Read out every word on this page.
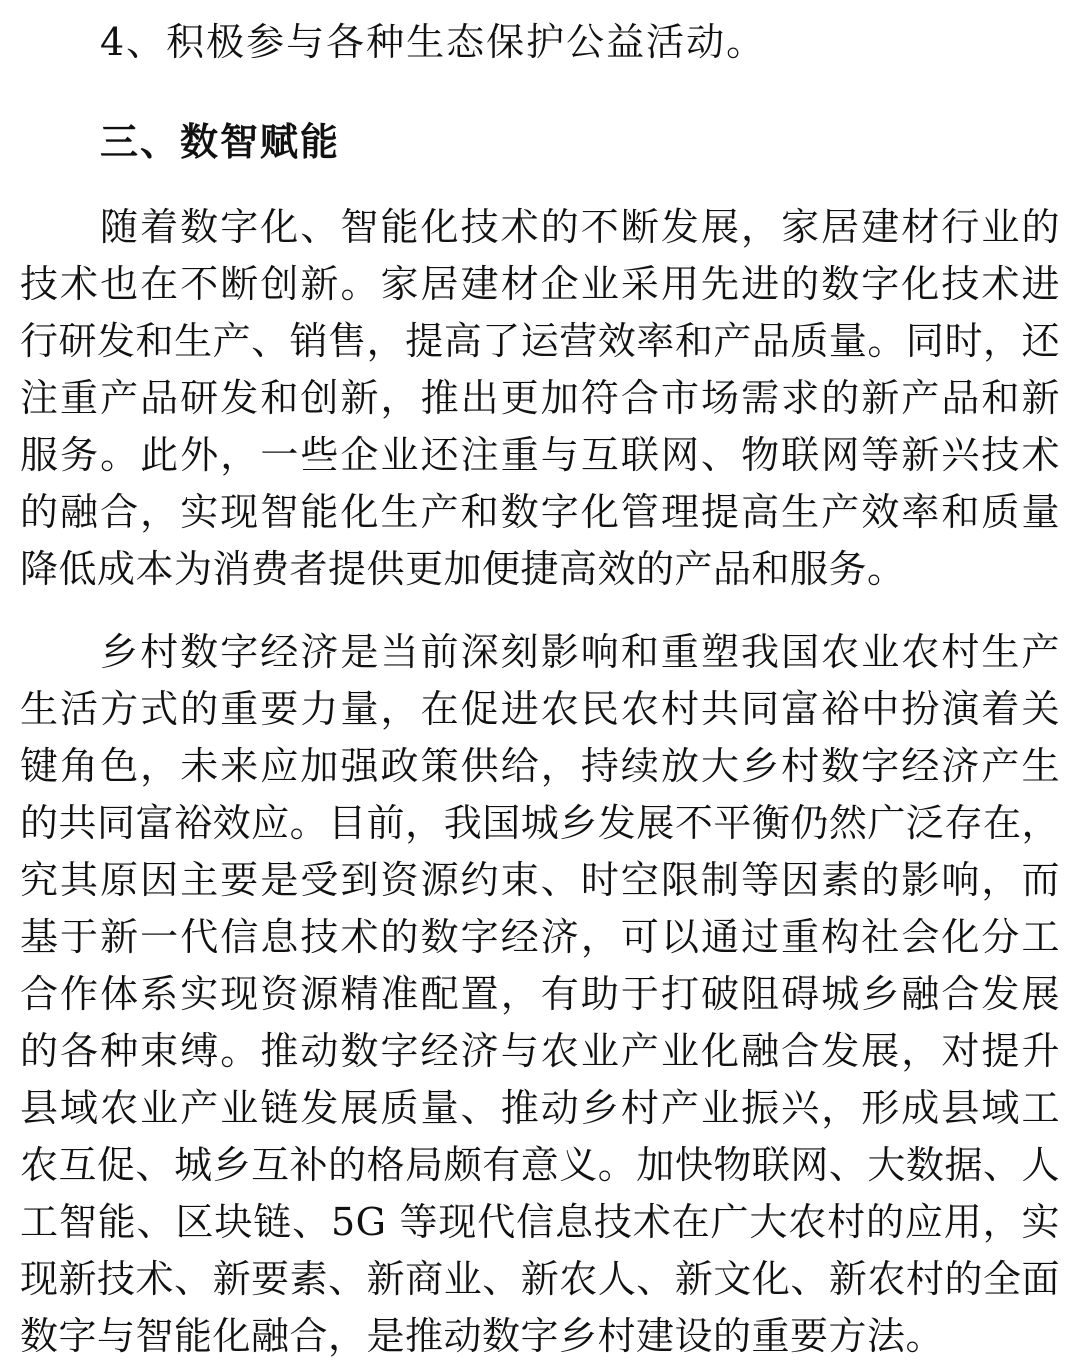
4、积极参与各种生态保护公益活动。
三、数智赋能
随着数字化、智能化技术的不断发展，家居建材行业的
技术也在不断创新。家居建材企业采用先进的数字化技术进
行研发和生产、销售，提高了运营效率和产品质量。同时，还
注重产品研发和创新，推出更加符合市场需求的新产品和新
服务。此外，一些企业还注重与互联网、物联网等新兴技术
的融合，实现智能化生产和数字化管理提高生产效率和质量
降低成本为消费者提供更加便捷高效的产品和服务。
乡村数字经济是当前深刻影响和重塑我国农业农村生产
生活方式的重要力量，在促进农民农村共同富裕中扮演着关
键角色，未来应加强政策供给，持续放大乡村数字经济产生
的共同富裕效应。目前，我国城乡发展不平衡仍然广泛存在，
究其原因主要是受到资源约束、时空限制等因素的影响，而
基于新一代信息技术的数字经济，可以通过重构社会化分工
合作体系实现资源精准配置，有助于打破阻碍城乡融合发展
的各种束缚。推动数字经济与农业产业化融合发展，对提升
县域农业产业链发展质量、推动乡村产业振兴，形成县域工
农互促、城乡互补的格局颇有意义。加快物联网、大数据、人
工智能、区块链、5G 等现代信息技术在广大农村的应用，实
现新技术、新要素、新商业、新农人、新文化、新农村的全面
数字与智能化融合，是推动数字乡村建设的重要方法。
